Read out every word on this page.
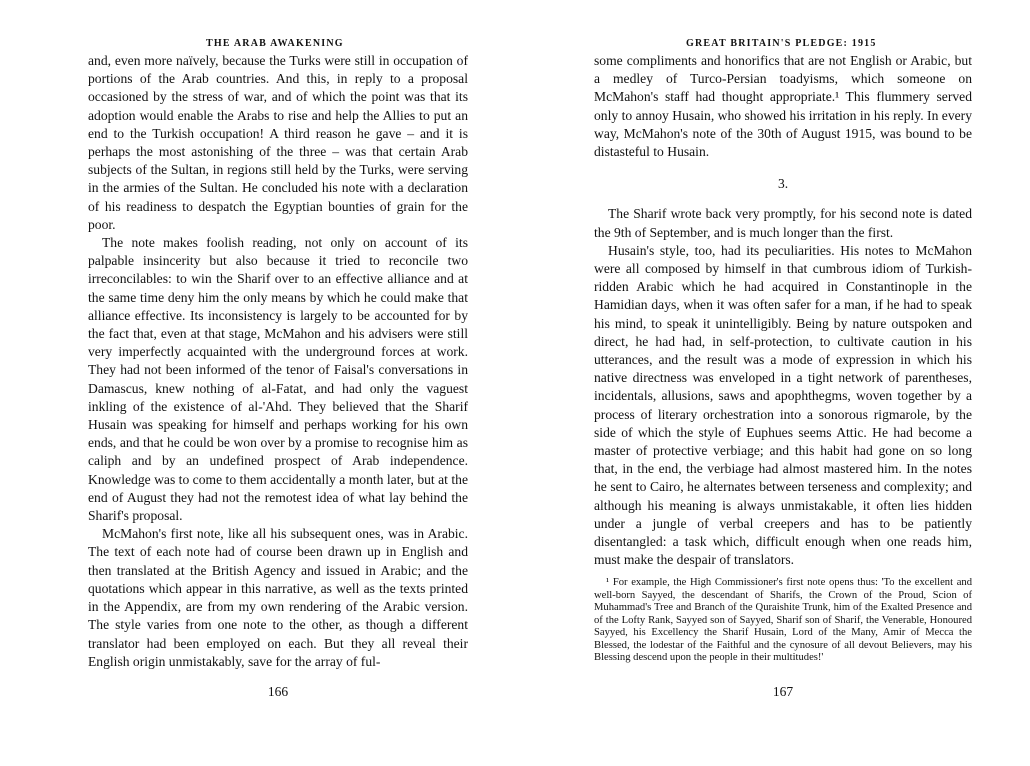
THE ARAB AWAKENING

and, even more naïvely, because the Turks were still in occupation of portions of the Arab countries. And this, in reply to a proposal occasioned by the stress of war, and of which the point was that its adoption would enable the Arabs to rise and help the Allies to put an end to the Turkish occupation! A third reason he gave – and it is perhaps the most astonishing of the three – was that certain Arab subjects of the Sultan, in regions still held by the Turks, were serving in the armies of the Sultan. He concluded his note with a declaration of his readiness to despatch the Egyptian bounties of grain for the poor.

The note makes foolish reading, not only on account of its palpable insincerity but also because it tried to reconcile two irreconcilables: to win the Sharif over to an effective alliance and at the same time deny him the only means by which he could make that alliance effective. Its inconsistency is largely to be accounted for by the fact that, even at that stage, McMahon and his advisers were still very imperfectly acquainted with the underground forces at work. They had not been informed of the tenor of Faisal's conversations in Damascus, knew nothing of al-Fatat, and had only the vaguest inkling of the existence of al-'Ahd. They believed that the Sharif Husain was speaking for himself and perhaps working for his own ends, and that he could be won over by a promise to recognise him as caliph and by an undefined prospect of Arab independence. Knowledge was to come to them accidentally a month later, but at the end of August they had not the remotest idea of what lay behind the Sharif's proposal.

McMahon's first note, like all his subsequent ones, was in Arabic. The text of each note had of course been drawn up in English and then translated at the British Agency and issued in Arabic; and the quotations which appear in this narrative, as well as the texts printed in the Appendix, are from my own rendering of the Arabic version. The style varies from one note to the other, as though a different translator had been employed on each. But they all reveal their English origin unmistakably, save for the array of ful-

166
GREAT BRITAIN'S PLEDGE: 1915

some compliments and honorifics that are not English or Arabic, but a medley of Turco-Persian toadyisms, which someone on McMahon's staff had thought appropriate.¹ This flummery served only to annoy Husain, who showed his irritation in his reply. In every way, McMahon's note of the 30th of August 1915, was bound to be distasteful to Husain.

3.

The Sharif wrote back very promptly, for his second note is dated the 9th of September, and is much longer than the first.

Husain's style, too, had its peculiarities. His notes to McMahon were all composed by himself in that cumbrous idiom of Turkish-ridden Arabic which he had acquired in Constantinople in the Hamidian days, when it was often safer for a man, if he had to speak his mind, to speak it unintelligibly. Being by nature outspoken and direct, he had had, in self-protection, to cultivate caution in his utterances, and the result was a mode of expression in which his native directness was enveloped in a tight network of parentheses, incidentals, allusions, saws and apophthegms, woven together by a process of literary orchestration into a sonorous rigmarole, by the side of which the style of Euphues seems Attic. He had become a master of protective verbiage; and this habit had gone on so long that, in the end, the verbiage had almost mastered him. In the notes he sent to Cairo, he alternates between terseness and complexity; and although his meaning is always unmistakable, it often lies hidden under a jungle of verbal creepers and has to be patiently disentangled: a task which, difficult enough when one reads him, must make the despair of translators.

¹ For example, the High Commissioner's first note opens thus: 'To the excellent and well-born Sayyed, the descendant of Sharifs, the Crown of the Proud, Scion of Muhammad's Tree and Branch of the Quraishite Trunk, him of the Exalted Presence and of the Lofty Rank, Sayyed son of Sayyed, Sharif son of Sharif, the Venerable, Honoured Sayyed, his Excellency the Sharif Husain, Lord of the Many, Amir of Mecca the Blessed, the lodestar of the Faithful and the cynosure of all devout Believers, may his Blessing descend upon the people in their multitudes!'
167
